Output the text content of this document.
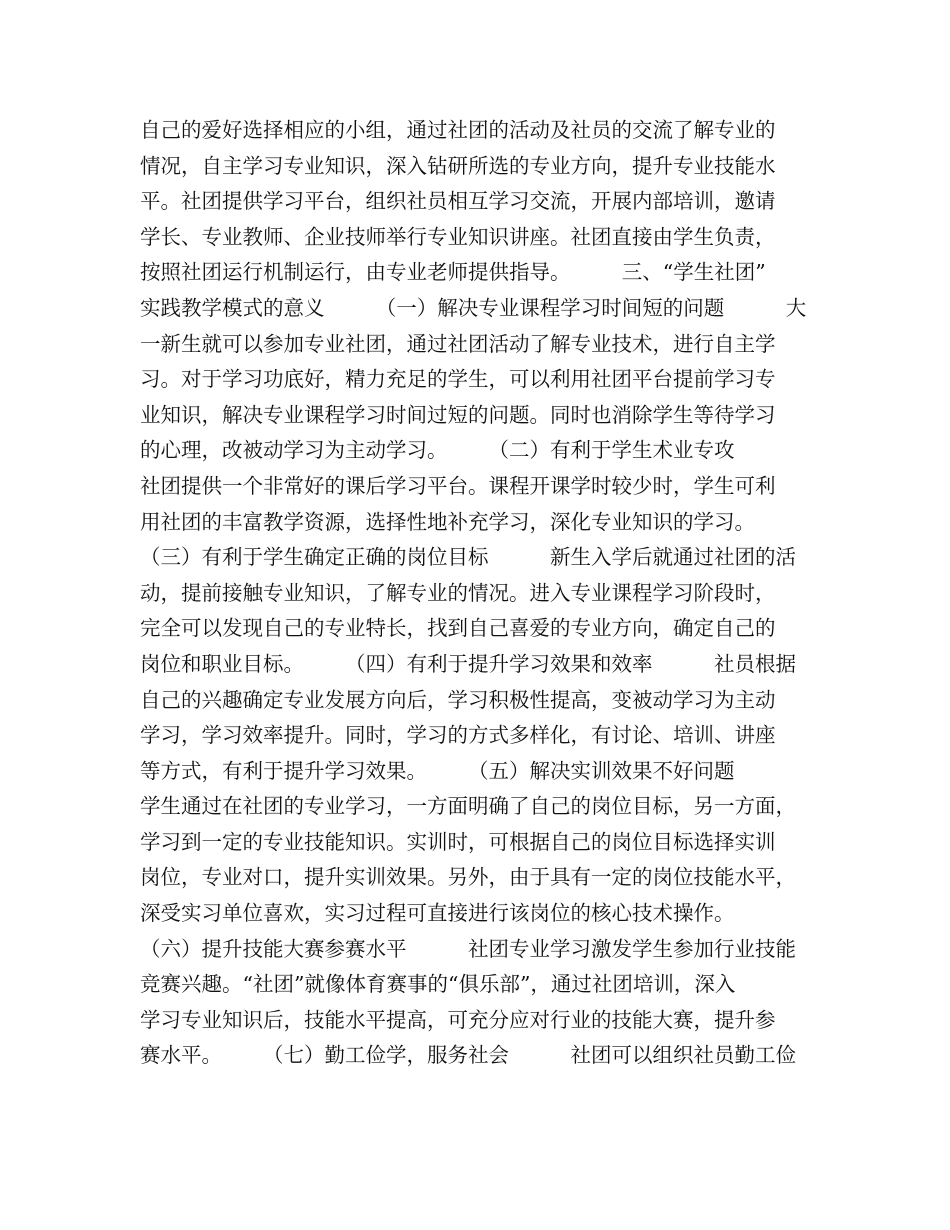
自己的爱好选择相应的小组，通过社团的活动及社员的交流了解专业的
情况，自主学习专业知识，深入钻研所选的专业方向，提升专业技能水
平。社团提供学习平台，组织社员相互学习交流，开展内部培训，邀请
学长、专业教师、企业技师举行专业知识讲座。社团直接由学生负责，
按照社团运行机制运行，由专业老师提供指导。　　　三、“学生社团”
实践教学模式的意义　　　（一）解决专业课程学习时间短的问题　　　大
一新生就可以参加专业社团，通过社团活动了解专业技术，进行自主学
习。对于学习功底好，精力充足的学生，可以利用社团平台提前学习专
业知识，解决专业课程学习时间过短的问题。同时也消除学生等待学习
的心理，改被动学习为主动学习。　　　（二）有利于学生术业专攻
社团提供一个非常好的课后学习平台。课程开课学时较少时，学生可利
用社团的丰富教学资源，选择性地补充学习，深化专业知识的学习。
（三）有利于学生确定正确的岗位目标　　　新生入学后就通过社团的活
动，提前接触专业知识，了解专业的情况。进入专业课程学习阶段时，
完全可以发现自己的专业特长，找到自己喜爱的专业方向，确定自己的
岗位和职业目标。　　　（四）有利于提升学习效果和效率　　　社员根据
自己的兴趣确定专业发展方向后，学习积极性提高，变被动学习为主动
学习，学习效率提升。同时，学习的方式多样化，有讨论、培训、讲座
等方式，有利于提升学习效果。　　　（五）解决实训效果不好问题
学生通过在社团的专业学习，一方面明确了自己的岗位目标，另一方面，
学习到一定的专业技能知识。实训时，可根据自己的岗位目标选择实训
岗位，专业对口，提升实训效果。另外，由于具有一定的岗位技能水平，
深受实习单位喜欢，实习过程可直接进行该岗位的核心技术操作。
（六）提升技能大赛参赛水平　　　社团专业学习激发学生参加行业技能
竞赛兴趣。“社团”就像体育赛事的“俱乐部”，通过社团培训，深入
学习专业知识后，技能水平提高，可充分应对行业的技能大赛，提升参
赛水平。　　　（七）勤工俭学，服务社会　　　社团可以组织社员勤工俭
